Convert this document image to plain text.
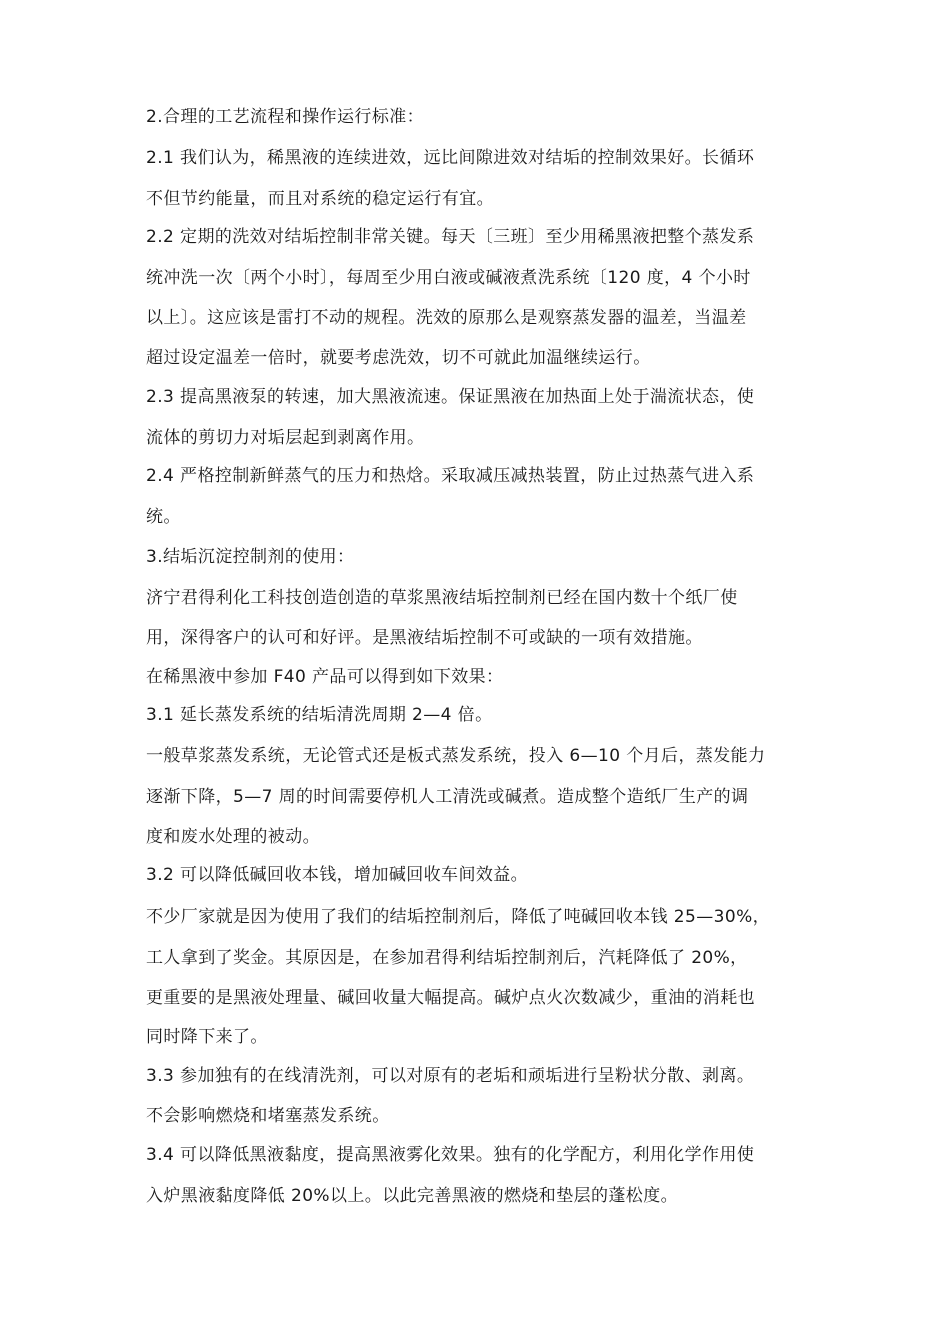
2.合理的工艺流程和操作运行标准：
2.1 我们认为，稀黑液的连续进效，远比间隙进效对结垢的控制效果好。长循环
不但节约能量，而且对系统的稳定运行有宜。
2.2 定期的洗效对结垢控制非常关键。每天〔三班〕至少用稀黑液把整个蒸发系
统冲洗一次〔两个小时〕，每周至少用白液或碱液煮洗系统〔120 度，4 个小时
以上〕。这应该是雷打不动的规程。洗效的原那么是观察蒸发器的温差，当温差
超过设定温差一倍时，就要考虑洗效，切不可就此加温继续运行。
2.3 提高黑液泵的转速，加大黑液流速。保证黑液在加热面上处于湍流状态，使
流体的剪切力对垢层起到剥离作用。
2.4 严格控制新鲜蒸气的压力和热焓。采取减压减热装置，防止过热蒸气进入系
统。
3.结垢沉淀控制剂的使用：
济宁君得利化工科技创造创造的草浆黑液结垢控制剂已经在国内数十个纸厂使
用，深得客户的认可和好评。是黑液结垢控制不可或缺的一项有效措施。
在稀黑液中参加 F40 产品可以得到如下效果：
3.1 延长蒸发系统的结垢清洗周期 2—4 倍。
一般草浆蒸发系统，无论管式还是板式蒸发系统，投入 6—10 个月后，蒸发能力
逐渐下降，5—7 周的时间需要停机人工清洗或碱煮。造成整个造纸厂生产的调
度和废水处理的被动。
3.2 可以降低碱回收本钱，增加碱回收车间效益。
不少厂家就是因为使用了我们的结垢控制剂后，降低了吨碱回收本钱 25—30%，
工人拿到了奖金。其原因是，在参加君得利结垢控制剂后，汽耗降低了 20%，
更重要的是黑液处理量、碱回收量大幅提高。碱炉点火次数减少，重油的消耗也
同时降下来了。
3.3 参加独有的在线清洗剂，可以对原有的老垢和顽垢进行呈粉状分散、剥离。
不会影响燃烧和堵塞蒸发系统。
3.4 可以降低黑液黏度，提高黑液雾化效果。独有的化学配方，利用化学作用使
入炉黑液黏度降低 20%以上。以此完善黑液的燃烧和垫层的蓬松度。
